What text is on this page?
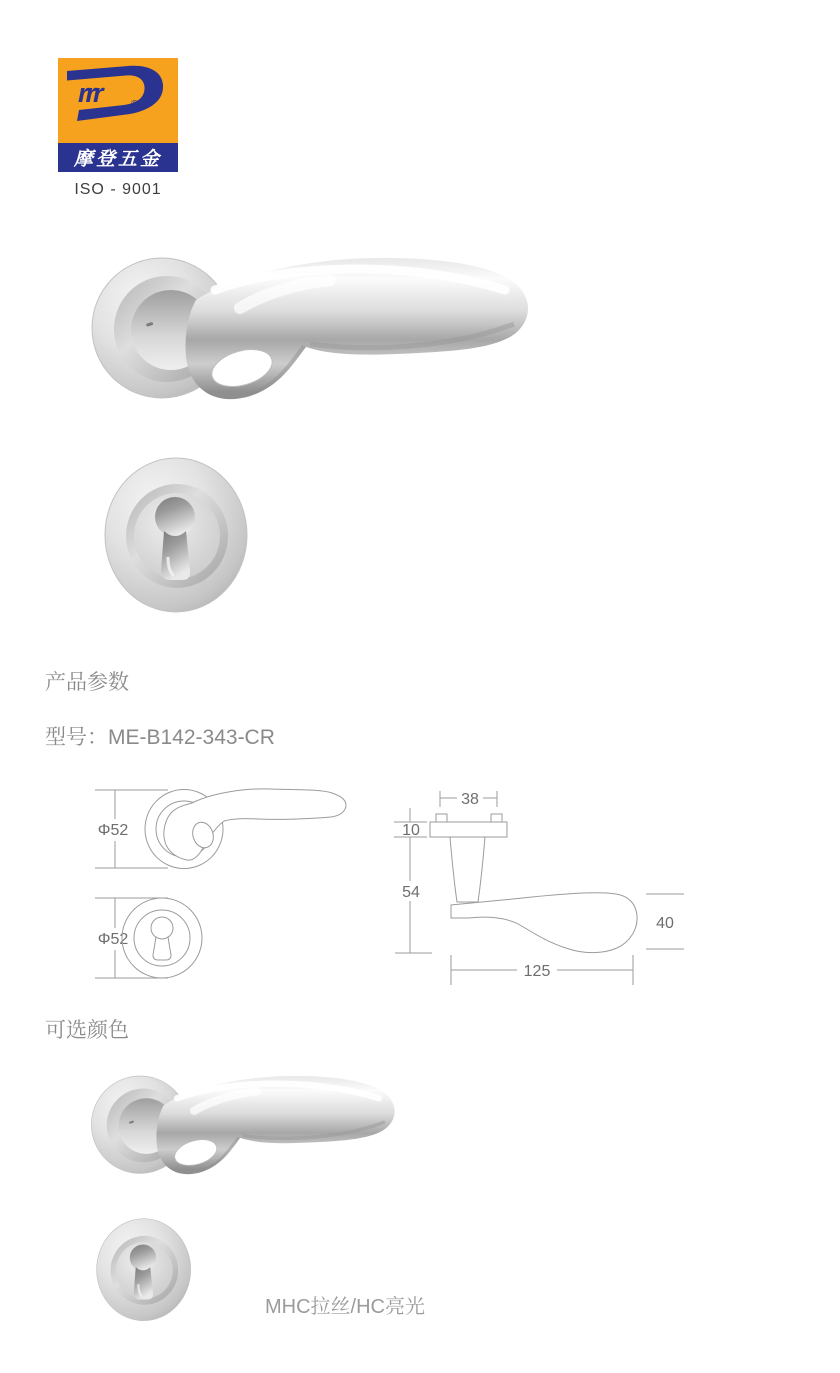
rrr	®
摩登五金
ISO - 9001
产品参数
型号：ME-B142-343-CR
Φ52
Φ52
38
10
54
40
125
可选颜色
MHC拉丝/HC亮光
